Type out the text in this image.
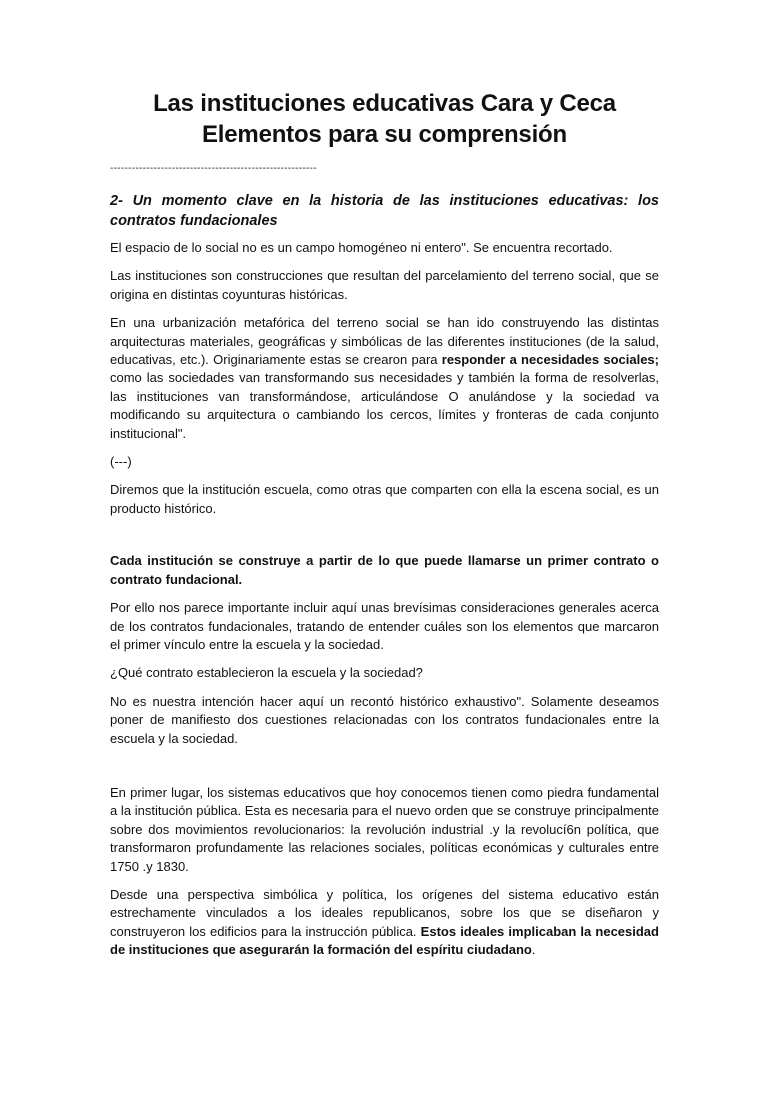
Las instituciones educativas Cara y Ceca
Elementos para su comprensión
---------------------------------------------------------
2- Un momento clave en la historia de las instituciones educativas: los contratos fundacionales

El espacio de lo social no es un campo homogéneo ni entero". Se encuentra recortado.

Las instituciones son construcciones que resultan del parcelamiento del terreno social, que se origina en distintas coyunturas históricas.

En una urbanización metafórica del terreno social se han ido construyendo las distintas arquitecturas materiales, geográficas y simbólicas de las diferentes instituciones (de la salud, educativas, etc.). Originariamente estas se crearon para responder a necesidades sociales; como las sociedades van transformando sus necesidades y también la forma de resolverlas, las instituciones van transformándose, articulándose O anulándose y la sociedad va modificando su arquitectura o cambiando los cercos, límites y fronteras de cada conjunto institucional".

(---)

Diremos que la institución escuela, como otras que comparten con ella la escena social, es un producto histórico.

Cada institución se construye a partir de lo que puede llamarse un primer contrato o contrato fundacional.

Por ello nos parece importante incluir aquí unas brevísimas consideraciones generales acerca de los contratos fundacionales, tratando de entender cuáles son los elementos que marcaron el primer vínculo entre la escuela y la sociedad.

¿Qué contrato establecieron la escuela y la sociedad?

No es nuestra intención hacer aquí un recontó histórico exhaustivo". Solamente deseamos poner de manifiesto dos cuestiones relacionadas con los contratos fundacionales entre la escuela y la sociedad.

En primer lugar, los sistemas educativos que hoy conocemos tienen como piedra fundamental a la institución pública. Esta es necesaria para el nuevo orden que se construye principalmente sobre dos movimientos revolucionarios: la revolución industrial .y la revolucí6n política, que transformaron profundamente las relaciones sociales, políticas económicas y culturales entre 1750 .y 1830.

Desde una perspectiva simbólica y política, los orígenes del sistema educativo están estrechamente vinculados a los ideales republicanos, sobre los que se diseñaron y construyeron los edificios para la instrucción pública. Estos ideales implicaban la necesidad de instituciones que asegurarán la formación del espíritu ciudadano.
